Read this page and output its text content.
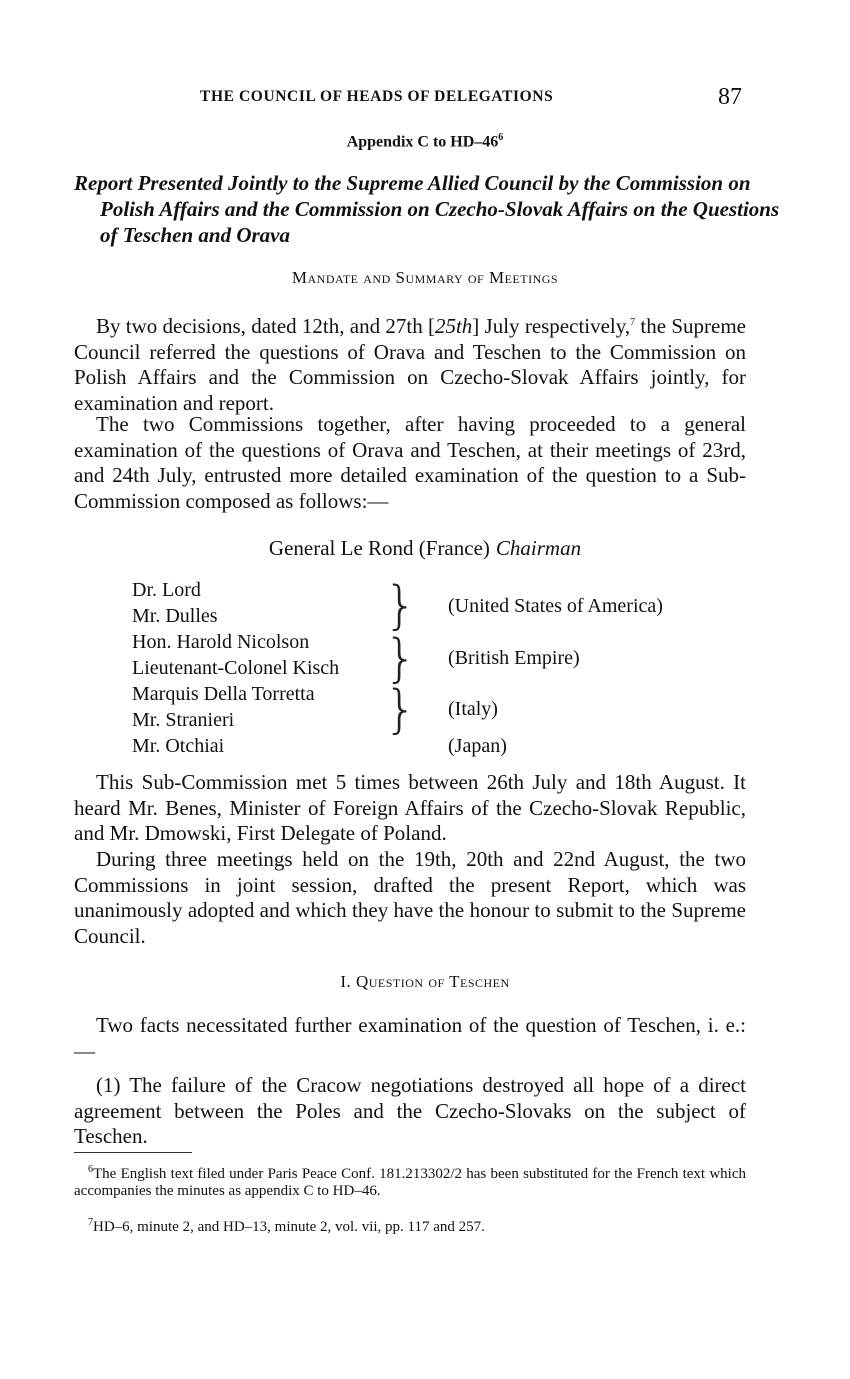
THE COUNCIL OF HEADS OF DELEGATIONS	87
Appendix C to $HD-46^6$
Report Presented Jointly to the Supreme Allied Council by the Commission on Polish Affairs and the Commission on Czecho-Slovak Affairs on the Questions of Teschen and Orava
Mandate and Summary of Meetings
By two decisions, dated 12th, and 27th [25th] July respectively,$^7$ the Supreme Council referred the questions of Orava and Teschen to the Commission on Polish Affairs and the Commission on Czecho-Slovak Affairs jointly, for examination and report.
The two Commissions together, after having proceeded to a general examination of the questions of Orava and Teschen, at their meetings of 23rd, and 24th July, entrusted more detailed examination of the question to a Sub-Commission composed as follows:—
General Le Rond (France) Chairman
Dr. Lord
Mr. Dulles
Hon. Harold Nicolson
Lieutenant-Colonel Kisch
Marquis Della Torretta
Mr. Stranieri
Mr. Otchiai
}
}
}
(United States of America)
(British Empire)
(Italy)
(Japan)
This Sub-Commission met 5 times between 26th July and 18th August. It heard Mr. Benes, Minister of Foreign Affairs of the Czecho-Slovak Republic, and Mr. Dmowski, First Delegate of Poland.
During three meetings held on the 19th, 20th and 22nd August, the two Commissions in joint session, drafted the present Report, which was unanimously adopted and which they have the honour to submit to the Supreme Council.
I. Question of Teschen
Two facts necessitated further examination of the question of Teschen, i. e.:—
(1) The failure of the Cracow negotiations destroyed all hope of a direct agreement between the Poles and the Czecho-Slovaks on the subject of Teschen.
$^6$The English text filed under Paris Peace Conf. 181.213302/2 has been substituted for the French text which accompanies the minutes as appendix C to HD–46.
$^7$HD–6, minute 2, and HD–13, minute 2, vol. vii, pp. 117 and 257.
